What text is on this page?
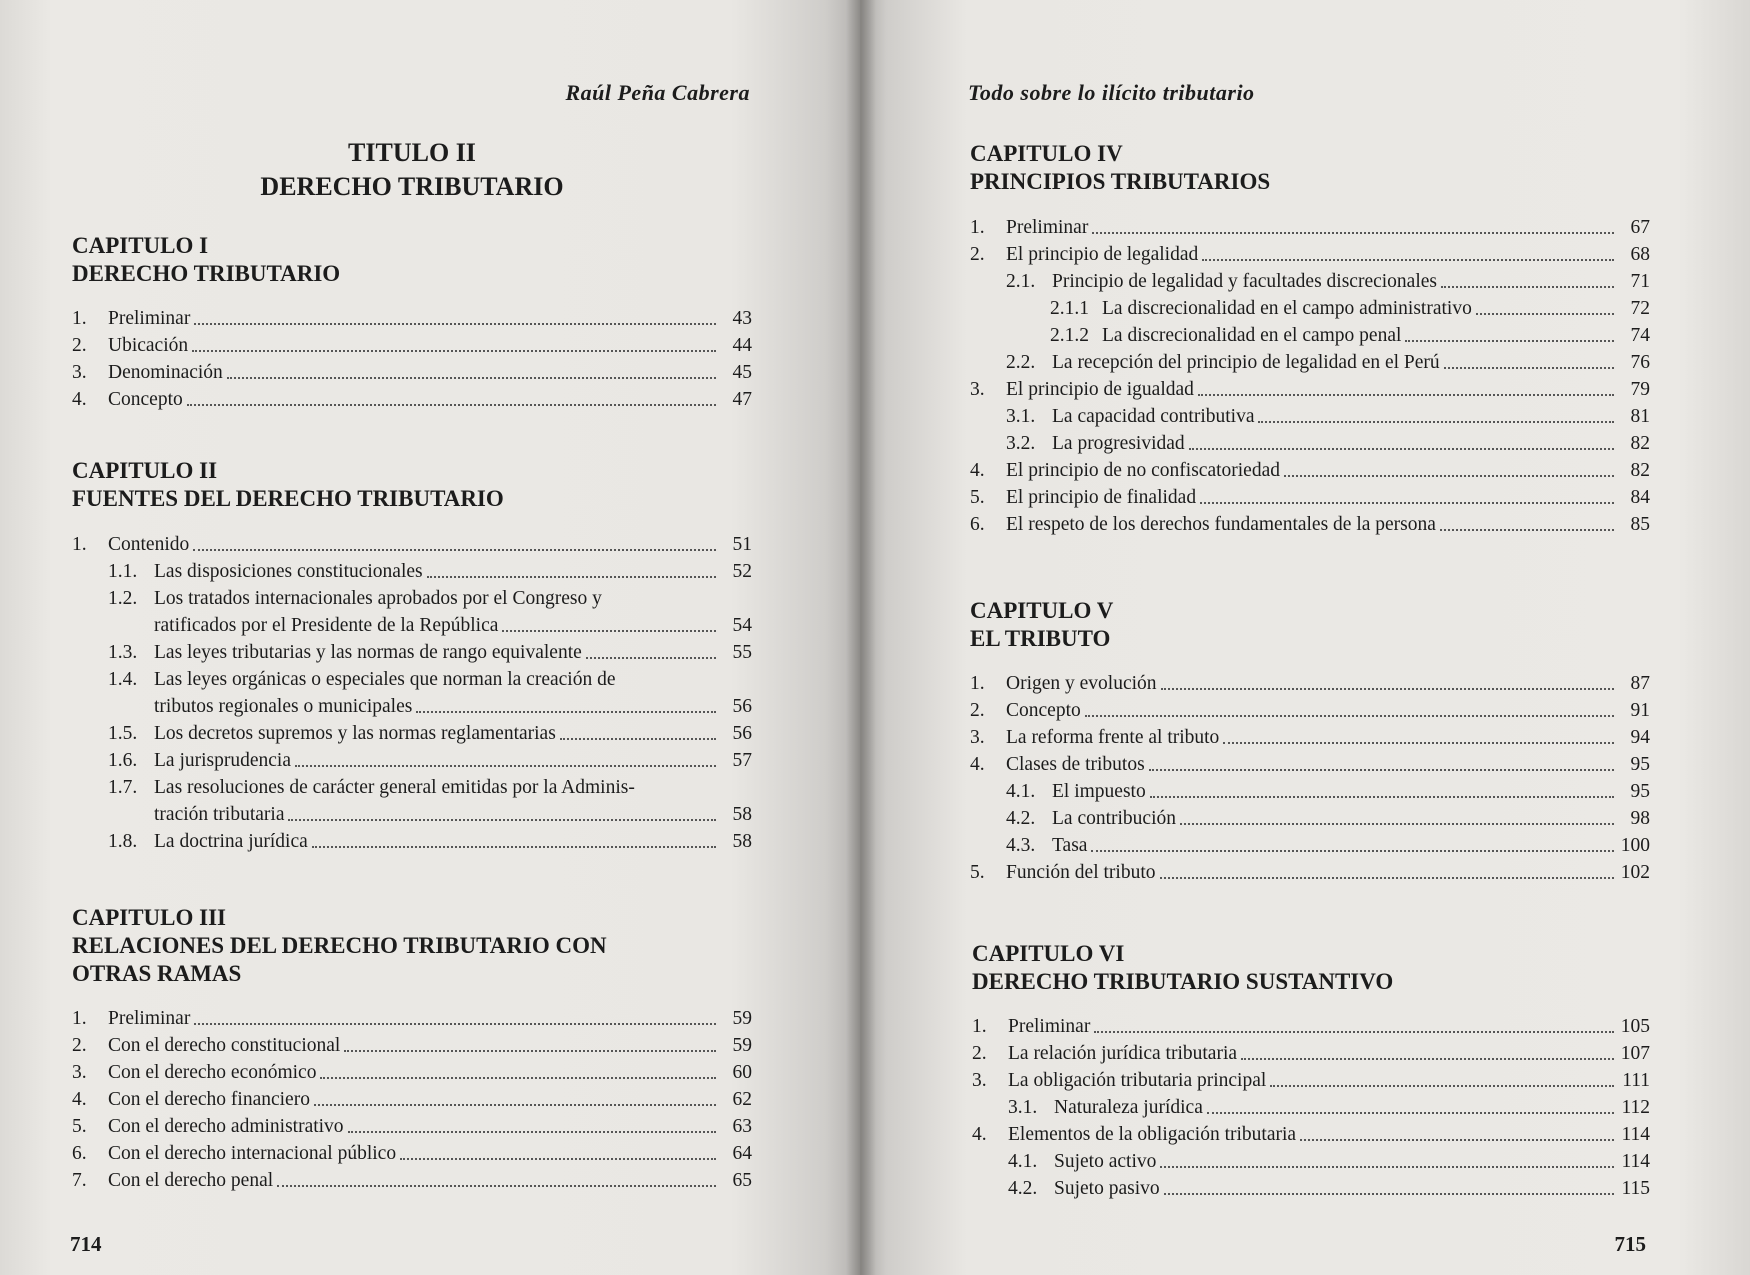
Raúl Peña Cabrera
TITULO II
DERECHO TRIBUTARIO
CAPITULO I
DERECHO TRIBUTARIO
1.	Preliminar	43
2.	Ubicación	44
3.	Denominación	45
4.	Concepto	47
CAPITULO II
FUENTES DEL DERECHO TRIBUTARIO
1.	Contenido	51
1.1. Las disposiciones constitucionales	52
1.2. Los tratados internacionales aprobados por el Congreso y
ratificados por el Presidente de la República	54
1.3. Las leyes tributarias y las normas de rango equivalente	55
1.4. Las leyes orgánicas o especiales que norman la creación de
tributos regionales o municipales	56
1.5. Los decretos supremos y las normas reglamentarias	56
1.6. La jurisprudencia	57
1.7. Las resoluciones de carácter general emitidas por la Adminis-
tración tributaria	58
1.8. La doctrina jurídica	58
CAPITULO III
RELACIONES DEL DERECHO TRIBUTARIO CON
OTRAS RAMAS
1.	Preliminar	59
2.	Con el derecho constitucional	59
3.	Con el derecho económico	60
4.	Con el derecho financiero	62
5.	Con el derecho administrativo	63
6.	Con el derecho internacional público	64
7.	Con el derecho penal	65
714
Todo sobre lo ilícito tributario
CAPITULO IV
PRINCIPIOS TRIBUTARIOS
1.	Preliminar	67
2.	El principio de legalidad	68
2.1. Principio de legalidad y facultades discrecionales	71
2.1.1 La discrecionalidad en el campo administrativo	72
2.1.2 La discrecionalidad en el campo penal	74
2.2. La recepción del principio de legalidad en el Perú	76
3.	El principio de igualdad	79
3.1. La capacidad contributiva	81
3.2. La progresividad	82
4.	El principio de no confiscatoriedad	82
5.	El principio de finalidad	84
6.	El respeto de los derechos fundamentales de la persona	85
CAPITULO V
EL TRIBUTO
1.	Origen y evolución	87
2.	Concepto	91
3.	La reforma frente al tributo	94
4.	Clases de tributos	95
4.1. El impuesto	95
4.2. La contribución	98
4.3. Tasa	100
5.	Función del tributo	102
CAPITULO VI
DERECHO TRIBUTARIO SUSTANTIVO
1.	Preliminar	105
2.	La relación jurídica tributaria	107
3.	La obligación tributaria principal	111
3.1. Naturaleza jurídica	112
4.	Elementos de la obligación tributaria	114
4.1. Sujeto activo	114
4.2. Sujeto pasivo	115
715
